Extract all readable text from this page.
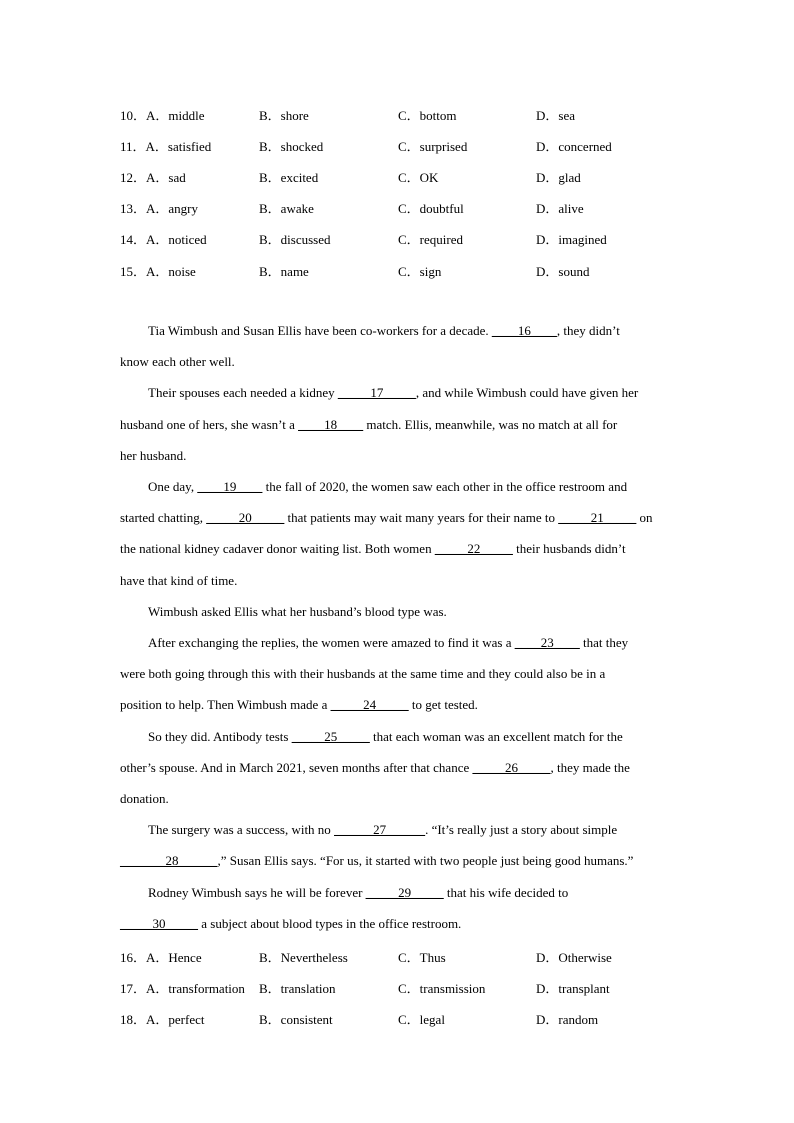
10．A．middle	B．shore	C．bottom	D．sea
11．A．satisfied	B．shocked	C．surprised	D．concerned
12．A．sad	B．excited	C．OK	D．glad
13．A．angry	B．awake	C．doubtful	D．alive
14．A．noticed	B．discussed	C．required	D．imagined
15．A．noise	B．name	C．sign	D．sound
Tia Wimbush and Susan Ellis have been co-workers for a decade. ____16____, they didn’t
know each other well.
Their spouses each needed a kidney _____17_____, and while Wimbush could have given her
husband one of hers, she wasn’t a ____18____ match. Ellis, meanwhile, was no match at all for
her husband.
One day, ____19____ the fall of 2020, the women saw each other in the office restroom and
started chatting, _____20_____ that patients may wait many years for their name to _____21_____ on
the national kidney cadaver donor waiting list. Both women _____22_____ their husbands didn’t
have that kind of time.
Wimbush asked Ellis what her husband’s blood type was.
After exchanging the replies, the women were amazed to find it was a ____23____ that they
were both going through this with their husbands at the same time and they could also be in a
position to help. Then Wimbush made a _____24_____ to get tested.
So they did. Antibody tests _____25_____ that each woman was an excellent match for the
other’s spouse. And in March 2021, seven months after that chance _____26_____, they made the
donation.
The surgery was a success, with no ______27______. “It’s really just a story about simple
_______28______,” Susan Ellis says. “For us, it started with two people just being good humans.”
Rodney Wimbush says he will be forever _____29_____ that his wife decided to
_____30_____ a subject about blood types in the office restroom.
16．A．Hence	B．Nevertheless	C．Thus	D．Otherwise
17．A．transformation B．translation	C．transmission	D．transplant
18．A．perfect	B．consistent	C．legal	D．random
